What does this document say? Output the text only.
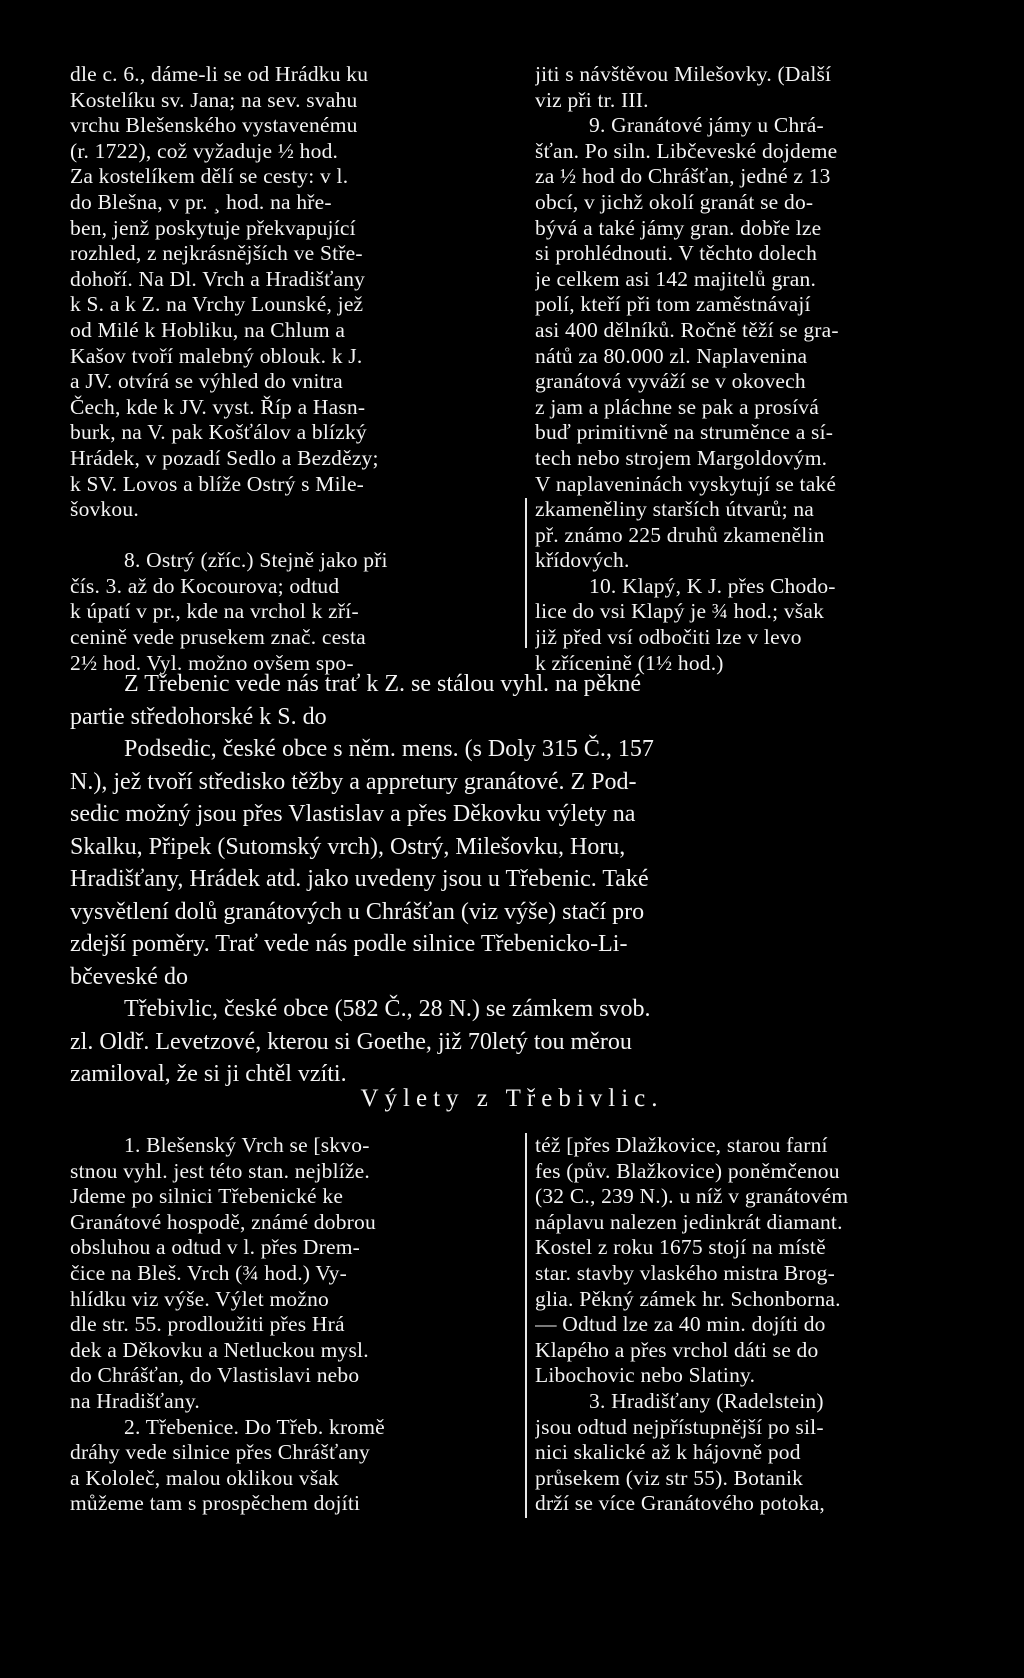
dle c. 6., dáme-li se od Hrádku ku
Kostelíku sv. Jana; na sev. svahu
vrchu Blešenského vystavenému
(r. 1722), což vyžaduje ½ hod.
Za kostelíkem dělí se cesty: v l.
do Blešna, v pr. ¸ hod. na hře-
ben, jenž poskytuje překvapující
rozhled, z nejkrásnějších ve Stře-
dohoří. Na Dl. Vrch a Hradišťany
k S. a k Z. na Vrchy Lounské, jež
od Milé k Hobliku, na Chlum a
Kašov tvoří malebný oblouk. k J.
a JV. otvírá se výhled do vnitra
Čech, kde k JV. vyst. Říp a Hasn-
burk, na V. pak Košťálov a blízký
Hrádek, v pozadí Sedlo a Bezdězy;
k SV. Lovos a blíže Ostrý s Mile-
šovkou.
8. Ostrý (zříc.) Stejně jako při
čís. 3. až do Kocourova; odtud
k úpatí v pr., kde na vrchol k zří-
cenině vede prusekem znač. cesta
2½ hod. Vyl. možno ovšem spo-
jiti s návštěvou Milešovky. (Další
viz při tr. III.
9. Granátové jámy u Chrá-
šťan. Po siln. Libčeveské dojdeme
za ½ hod do Chrášťan, jedné z 13
obcí, v jichž okolí granát se do-
bývá a také jámy gran. dobře lze
si prohlédnouti. V těchto dolech
je celkem asi 142 majitelů gran.
polí, kteří při tom zaměstnávají
asi 400 dělníků. Ročně těží se gra-
nátů za 80.000 zl. Naplavenina
granátová vyváží se v okovech
z jam a pláchne se pak a prosívá
buď primitivně na struměnce a sí-
tech nebo strojem Margoldovým.
V naplaveninách vyskytují se také
zkameněliny starších útvarů; na
př. známo 225 druhů zkamenělin
křídových.
10. Klapý, K J. přes Chodo-
lice do vsi Klapý je ¾ hod.; však
již před vsí odbočiti lze v levo
k zřícenině (1½ hod.)
Z Třebenic vede nás trať k Z. se stálou vyhl. na pěkné
partie středohorské k S. do
Podsedic, české obce s něm. mens. (s Doly 315 Č., 157
N.), jež tvoří středisko těžby a appretury granátové. Z Pod-
sedic možný jsou přes Vlastislav a přes Děkovku výlety na
Skalku, Připek (Sutomský vrch), Ostrý, Milešovku, Horu,
Hradišťany, Hrádek atd. jako uvedeny jsou u Třebenic. Také
vysvětlení dolů granátových u Chrášťan (viz výše) stačí pro
zdejší poměry. Trať vede nás podle silnice Třebenicko-Li-
bčeveské do
Třebivlic, české obce (582 Č., 28 N.) se zámkem svob.
zl. Oldř. Levetzové, kterou si Goethe, již 70letý tou měrou
zamiloval, že si ji chtěl vzíti.
Výlety z Třebivlic.
1. Blešenský Vrch se [skvo-
stnou vyhl. jest této stan. nejblíže.
Jdeme po silnici Třebenické ke
Granátové hospodě, známé dobrou
obsluhou a odtud v l. přes Drem-
čice na Bleš. Vrch (¾ hod.) Vy-
hlídku viz výše. Výlet možno
dle str. 55. prodloužiti přes Hrá
dek a Děkovku a Netluckou mysl.
do Chrášťan, do Vlastislavi nebo
na Hradišťany.
2. Třebenice. Do Třeb. kromě
dráhy vede silnice přes Chrášťany
a Kololeč, malou oklikou však
můžeme tam s prospěchem dojíti
též [přes Dlažkovice, starou farní
fes (pův. Blažkovice) poněmčenou
(32 C., 239 N.). u níž v granátovém
náplavu nalezen jedinkrát diamant.
Kostel z roku 1675 stojí na místě
star. stavby vlaského mistra Brog-
glia. Pěkný zámek hr. Schonborna.
— Odtud lze za 40 min. dojíti do
Klapého a přes vrchol dáti se do
Libochovic nebo Slatiny.
3. Hradišťany (Radelstein)
jsou odtud nejpřístupnější po sil-
nici skalické až k hájovně pod
průsekem (viz str 55). Botanik
drží se více Granátového potoka,
